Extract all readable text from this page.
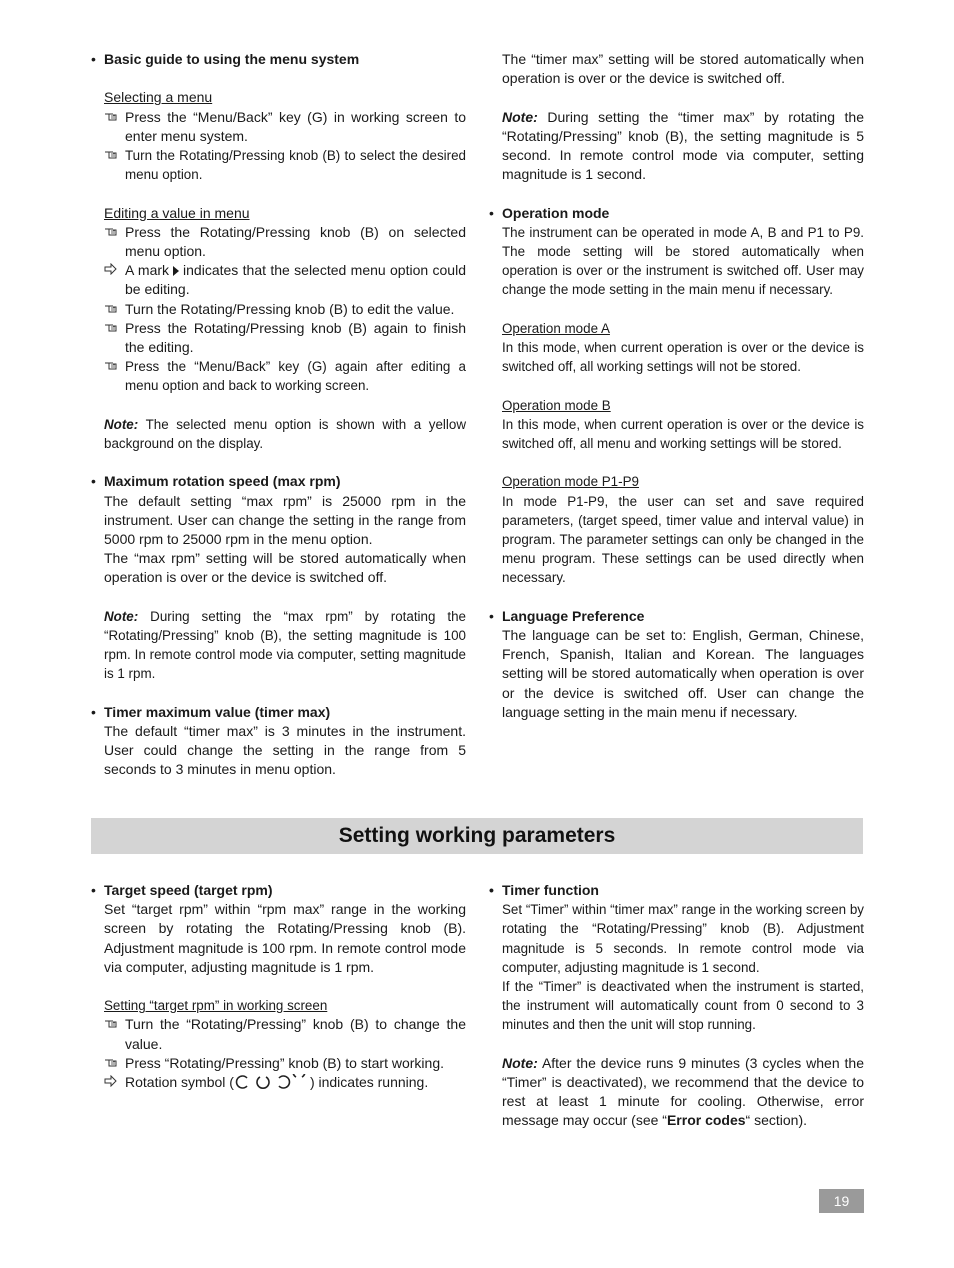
• Basic guide to using the menu system

Selecting a menu

Press the “Menu/Back” key (G) in working screen to enter menu system.

Turn the Rotating/Pressing knob (B) to select the desired menu option.

Editing a value in menu

Press the Rotating/Pressing knob (B) on selected menu option.

A mark indicates that the selected menu option could be editing.

Turn the Rotating/Pressing knob (B) to edit the value.

Press the Rotating/Pressing knob (B) again to finish the editing.

Press the “Menu/Back” key (G) again after editing a menu option and back to working screen.

Note: The selected menu option is shown with a yellow background on the display.

• Maximum rotation speed (max rpm)

The default setting “max rpm” is 25000 rpm in the instrument. User can change the setting in the range from 5000 rpm to 25000 rpm in the menu option.

The “max rpm” setting will be stored automatically when operation is over or the device is switched off.

Note: During setting the “max rpm” by rotating the “Rotating/Pressing” knob (B), the setting magnitude is 100 rpm. In remote control mode via computer, setting magnitude is 1 rpm.

• Timer maximum value (timer max)

The default “timer max” is 3 minutes in the instrument. User could change the setting in the range from 5 seconds to 3 minutes in menu option.

The “timer max” setting will be stored automatically when operation is over or the device is switched off.

Note: During setting the “timer max” by rotating the “Rotating/Pressing” knob (B), the setting magnitude is 5 second. In remote control mode via computer, setting magnitude is 1 second.

• Operation mode

The instrument can be operated in mode A, B and P1 to P9. The mode setting will be stored automatically when operation is over or the instrument is switched off. User may change the mode setting in the main menu if necessary.

Operation mode A

In this mode, when current operation is over or the device is switched off, all working settings will not be stored.

Operation mode B

In this mode, when current operation is over or the device is switched off, all menu and working settings will be stored.

Operation mode P1-P9

In mode P1-P9, the user can set and save required parameters, (target speed, timer value and interval value) in program. The parameter settings can only be changed in the menu program. These settings can be used directly when necessary.

• Language Preference

The language can be set to: English, German, Chinese, French, Spanish, Italian and Korean. The languages setting will be stored automatically when operation is over or the device is switched off. User can change the language setting in the main menu if necessary.

Setting working parameters

• Target speed (target rpm)

Set “target rpm” within “rpm max” range in the working screen by rotating the Rotating/Pressing knob (B). Adjustment magnitude is 100 rpm. In remote control mode via computer, adjusting magnitude is 1 rpm.

Setting “target rpm” in working screen

Turn the “Rotating/Pressing” knob (B) to change the value.

Press “Rotating/Pressing” knob (B) to start working.

Rotation symbol (	) indicates running.

• Timer function

Set “Timer” within “timer max” range in the working screen by rotating the “Rotating/Pressing” knob (B). Adjustment magnitude is 5 seconds. In remote control mode via computer, adjusting magnitude is 1 second.

If the “Timer” is deactivated when the instrument is started, the instrument will automatically count from 0 second to 3 minutes and then the unit will stop running.

Note: After the device runs 9 minutes (3 cycles when the “Timer” is deactivated), we recommend that the device to rest at least 1 minute for cooling. Otherwise, error message may occur (see “Error codes“ section).

19
